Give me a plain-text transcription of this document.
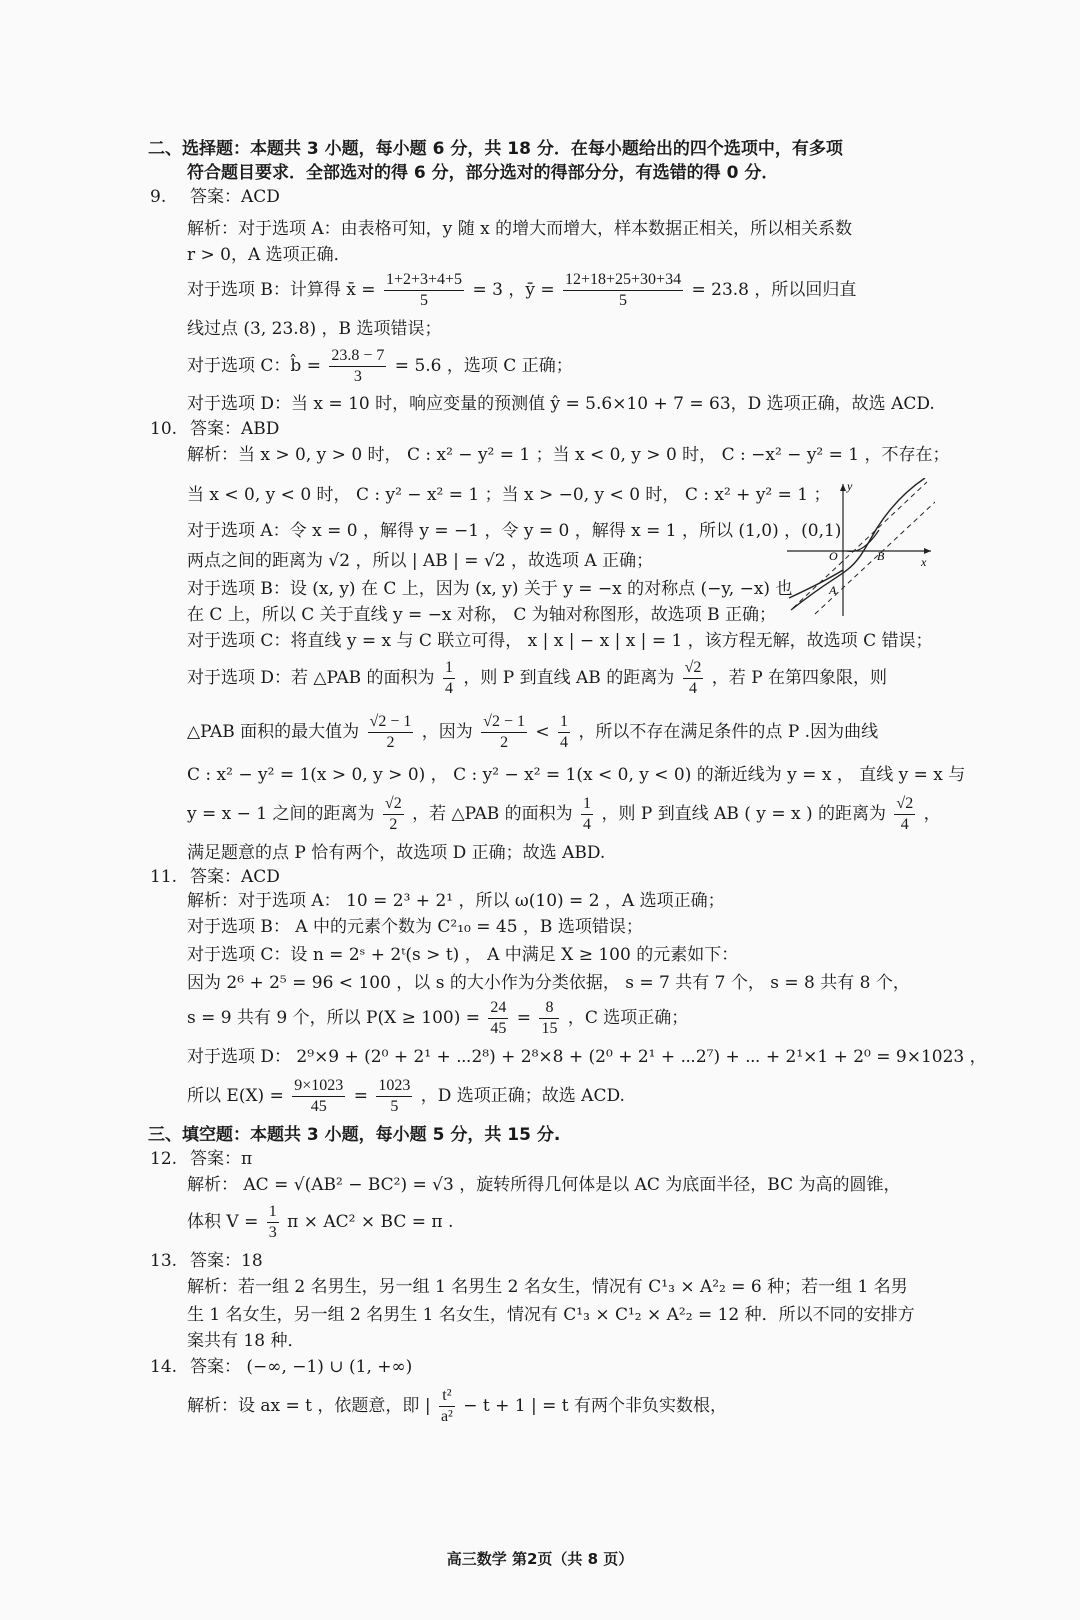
二、选择题：本题共 3 小题，每小题 6 分，共 18 分．在每小题给出的四个选项中，有多项
符合题目要求．全部选对的得 6 分，部分选对的得部分分，有选错的得 0 分．
9. 答案：ACD
解析：对于选项 A：由表格可知，y 随 x 的增大而增大，样本数据正相关，所以相关系数
r > 0，A 选项正确．
对于选项 B：计算得 x̄ = $\frac{1+2+3+4+5}{5} = 3$ ，ȳ = $\frac{12+18+25+30+34}{5} = 23.8$ ，所以回归直
线过点 (3, 23.8) ，B 选项错误；
对于选项 C：b̂ = $\frac{23.8 - 7}{3} = 5.6$ ，选项 C 正确；
对于选项 D：当 x = 10 时，响应变量的预测值 ŷ = 5.6×10 + 7 = 63，D 选项正确，故选 ACD.
10. 答案：ABD
解析：当 x > 0, y > 0 时， C : x² − y² = 1 ；当 x < 0, y > 0 时， C : −x² − y² = 1 ，不存在；
当 x < 0, y < 0 时， C : y² − x² = 1 ；当 x > −0, y < 0 时， C : x² + y² = 1 ；
对于选项 A：令 x = 0 ，解得 y = −1 ，令 y = 0 ，解得 x = 1 ，所以 (1,0) ，(0,1)
两点之间的距离为 √2 ，所以 | AB | = √2 ，故选项 A 正确；
对于选项 B：设 (x, y) 在 C 上，因为 (x, y) 关于 y = −x 的对称点 (−y, −x) 也
在 C 上，所以 C 关于直线 y = −x 对称， C 为轴对称图形，故选项 B 正确；
对于选项 C：将直线 y = x 与 C 联立可得， x | x | − x | x | = 1 ，该方程无解，故选项 C 错误；
y
x
O	B
A
对于选项 D：若 △PAB 的面积为 $\frac{1}{4}$ ，则 P 到直线 AB 的距离为 $\frac{√2}{4}$ ，若 P 在第四象限，则
△PAB 面积的最大值为 $\frac{√2 - 1}{2}$ ，因为 $\frac{√2 - 1}{2} < \frac{1}{4}$ ，所以不存在满足条件的点 P .因为曲线
C : x² − y² = 1(x > 0, y > 0) ， C : y² − x² = 1(x < 0, y < 0) 的渐近线为 y = x ， 直线 y = x 与
y = x − 1 之间的距离为 $\frac{√2}{2}$ ，若 △PAB 的面积为 $\frac{1}{4}$ ，则 P 到直线 AB ( y = x ) 的距离为 $\frac{√2}{4}$ ，
满足题意的点 P 恰有两个，故选项 D 正确；故选 ABD.
11. 答案：ACD
解析：对于选项 A： 10 = 2³ + 2¹ ，所以 ω(10) = 2 ，A 选项正确；
对于选项 B： A 中的元素个数为 C²₁₀ = 45 ，B 选项错误；
对于选项 C：设 n = 2ˢ + 2ᵗ(s > t) ， A 中满足 X ≥ 100 的元素如下：
因为 2⁶ + 2⁵ = 96 < 100 ，以 s 的大小作为分类依据， s = 7 共有 7 个， s = 8 共有 8 个，
s = 9 共有 9 个，所以 $P(X \ge 100) = \frac{24}{45} = \frac{8}{15}$ ，C 选项正确；
对于选项 D： 2⁹×9 + (2⁰ + 2¹ + ⋯2⁸) + 2⁸×8 + (2⁰ + 2¹ + ⋯2⁷) + ⋯ + 2¹×1 + 2⁰ = 9×1023 ，
所以 $E(X) = \frac{9\times 1023}{45} = \frac{1023}{5}$ ，D 选项正确；故选 ACD.
三、填空题：本题共 3 小题，每小题 5 分，共 15 分.
12. 答案：π
解析： AC = √(AB² − BC²) = √3 ，旋转所得几何体是以 AC 为底面半径，BC 为高的圆锥，
体积 $V = \frac{1}{3}$ π × AC² × BC = π .
13. 答案：18
解析：若一组 2 名男生，另一组 1 名男生 2 名女生，情况有 C¹₃ × A²₂ = 6 种；若一组 1 名男
生 1 名女生，另一组 2 名男生 1 名女生，情况有 C¹₃ × C¹₂ × A²₂ = 12 种．所以不同的安排方
案共有 18 种．
14. 答案： (−∞, −1) ∪ (1, +∞)
解析：设 ax = t ，依题意，即 | $\frac{\text{t²}}{\text{a²}} - t + 1$ | = t 有两个非负实数根，
高三数学 第2页（共 8 页）
